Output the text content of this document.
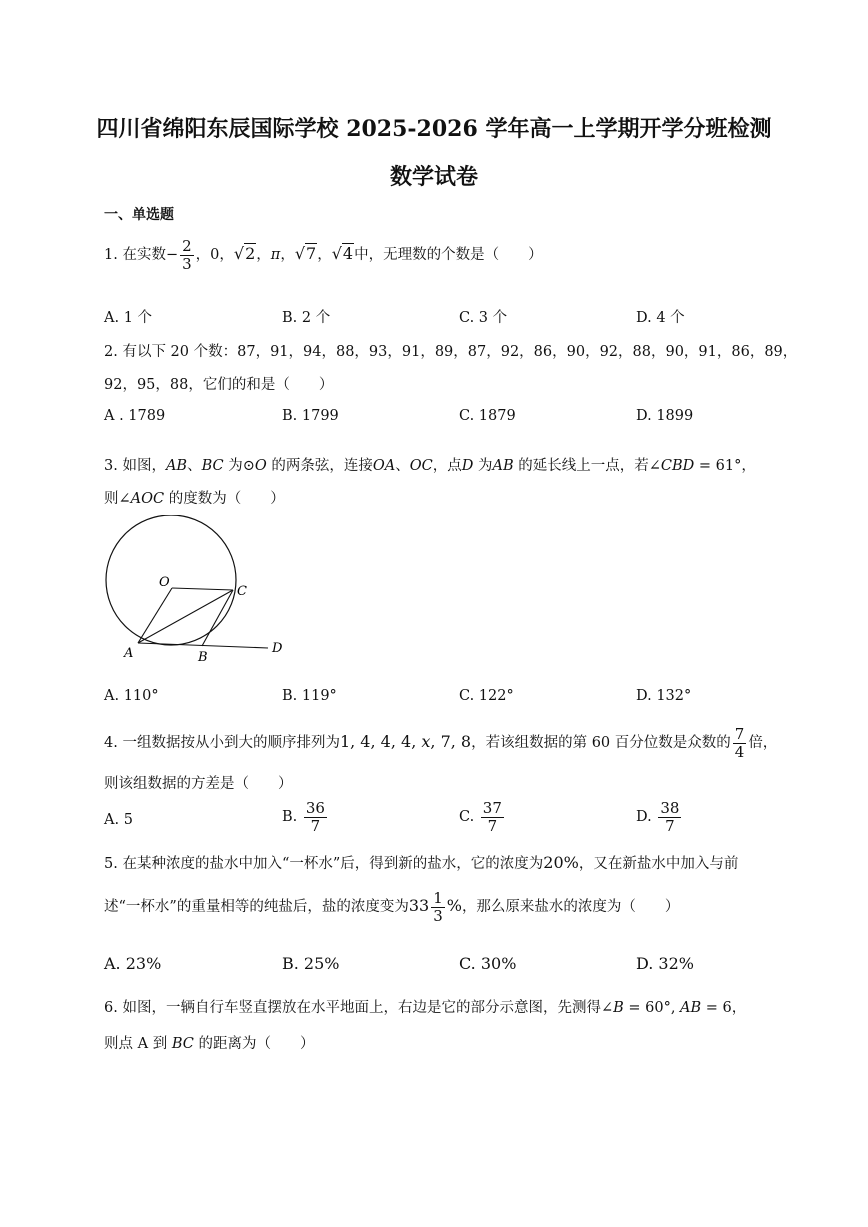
四川省绵阳东辰国际学校 2025-2026 学年高一上学期开学分班检测
数学试卷
一、单选题
1. 在实数− $\frac{2}{3}$ ，0，√2，π，√7，√4中，无理数的个数是（　　）
A. 1 个	B. 2 个	C. 3 个	D. 4 个
2. 有以下 20 个数：87，91，94，88，93，91，89，87，92，86，90，92，88，90，91，86，89，
92，95，88，它们的和是（　　）
A . 1789	B. 1799	C. 1879	D. 1899
3. 如图，AB、BC 为⊙O 的两条弦，连接OA、OC，点D 为AB 的延长线上一点，若∠CBD = 61°，
则∠AOC 的度数为（　　）
O
C
A	B
D
A. 110°	B. 119°	C. 122°	D. 132°
4. 一组数据按从小到大的顺序排列为1, 4, 4, 4, x, 7, 8，若该组数据的第 60 百分位数是众数的 $\frac{7}{4}$ 倍，
则该组数据的方差是（　　）
A. 5	B. $\frac{36}{7}$	C. $\frac{37}{7}$	D. $\frac{38}{7}$
5. 在某种浓度的盐水中加入“一杯水”后，得到新的盐水，它的浓度为20%，又在新盐水中加入与前
述“一杯水”的重量相等的纯盐后，盐的浓度变为$33 \frac{1}{3}$ %，那么原来盐水的浓度为（　　）
A. 23%	B. 25%	C. 30%	D. 32%
6. 如图，一辆自行车竖直摆放在水平地面上，右边是它的部分示意图，先测得∠B = 60°, AB = 6，
则点 A 到 BC 的距离为（　　）
